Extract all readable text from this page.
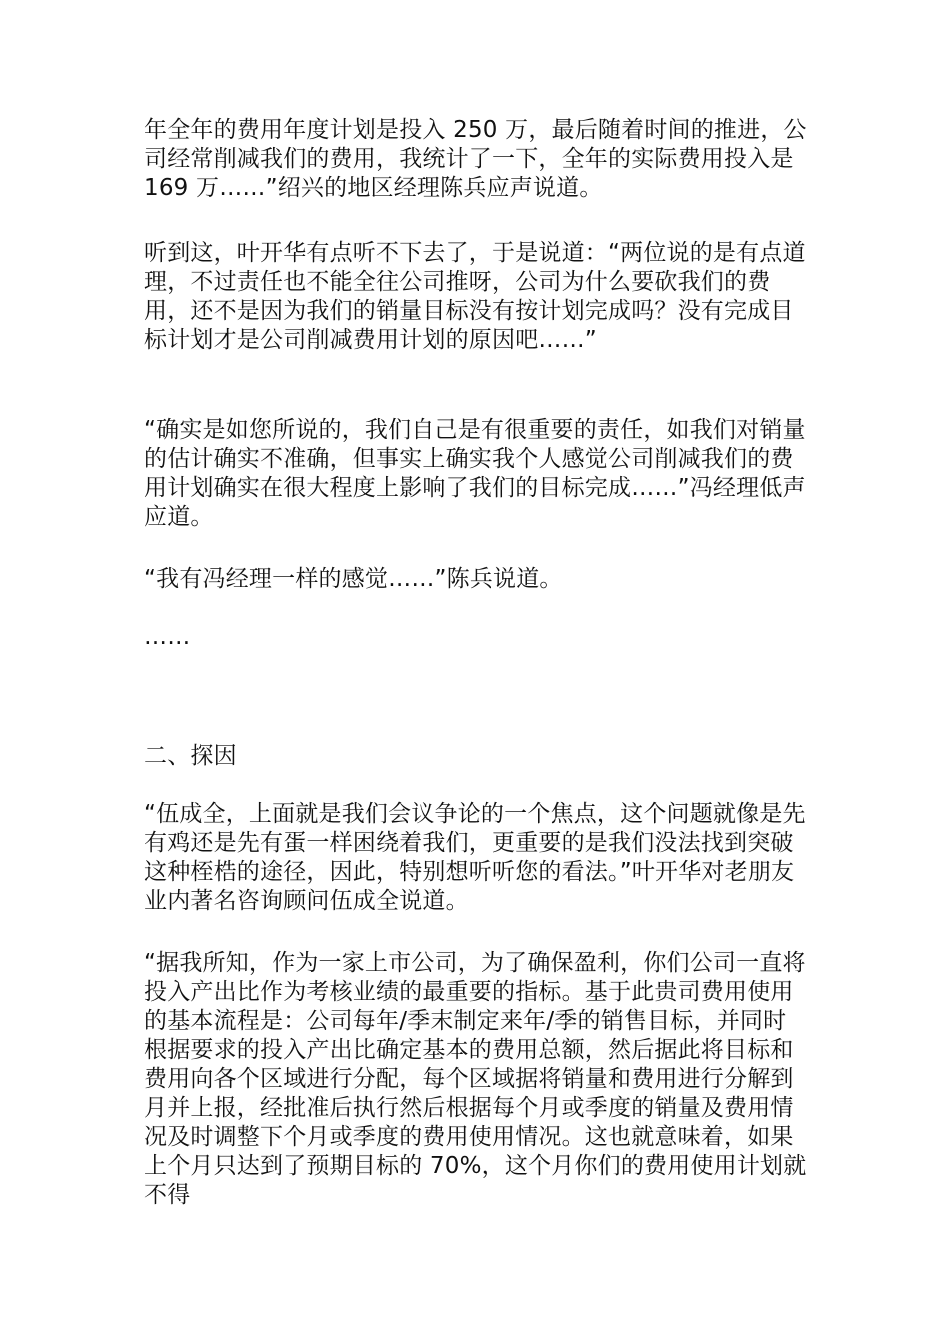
年全年的费用年度计划是投入 250 万，最后随着时间的推进，公司经常削减我们的费用，我统计了一下，全年的实际费用投入是 169 万……”绍兴的地区经理陈兵应声说道。

听到这，叶开华有点听不下去了，于是说道：“两位说的是有点道理，不过责任也不能全往公司推呀，公司为什么要砍我们的费用，还不是因为我们的销量目标没有按计划完成吗？没有完成目标计划才是公司削减费用计划的原因吧……”

“确实是如您所说的，我们自己是有很重要的责任，如我们对销量的估计确实不准确，但事实上确实我个人感觉公司削减我们的费用计划确实在很大程度上影响了我们的目标完成……”冯经理低声应道。

“我有冯经理一样的感觉……”陈兵说道。

……

二、探因

“伍成全，上面就是我们会议争论的一个焦点，这个问题就像是先有鸡还是先有蛋一样困绕着我们，更重要的是我们没法找到突破这种桎梏的途径，因此，特别想听听您的看法。”叶开华对老朋友业内著名咨询顾问伍成全说道。

“据我所知，作为一家上市公司，为了确保盈利，你们公司一直将投入产出比作为考核业绩的最重要的指标。基于此贵司费用使用的基本流程是：公司每年/季末制定来年/季的销售目标，并同时根据要求的投入产出比确定基本的费用总额，然后据此将目标和费用向各个区域进行分配，每个区域据将销量和费用进行分解到月并上报，经批准后执行然后根据每个月或季度的销量及费用情况及时调整下个月或季度的费用使用情况。这也就意味着，如果上个月只达到了预期目标的 70%，这个月你们的费用使用计划就不得
